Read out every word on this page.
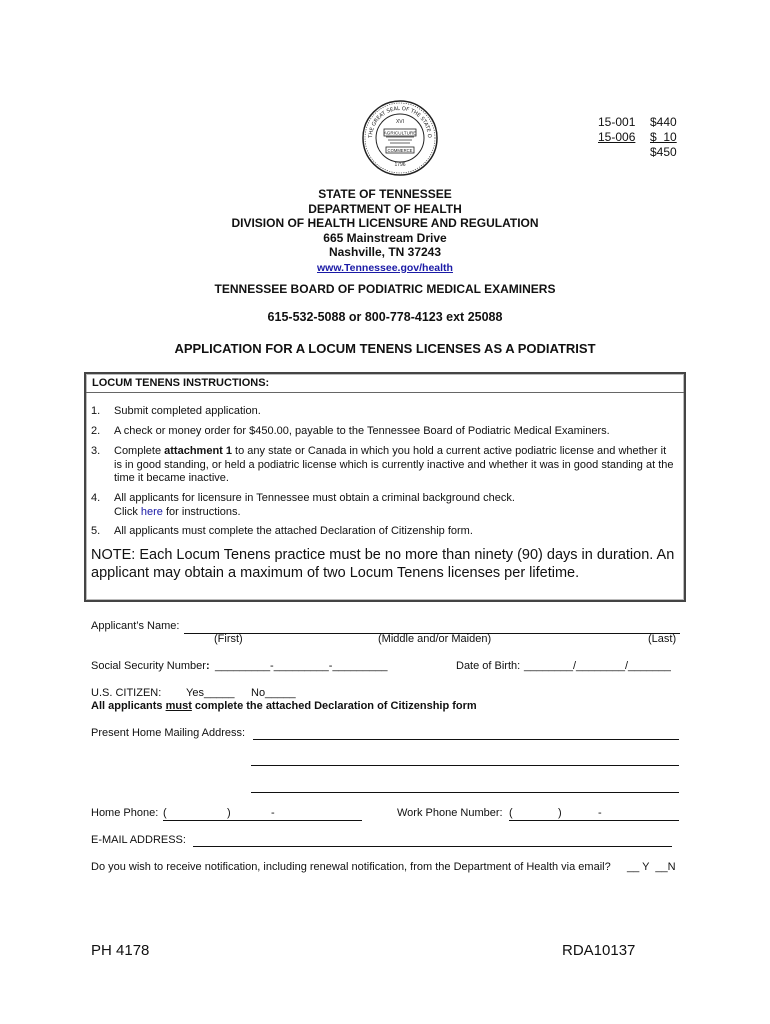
THE GREAT SEAL OF THE STATE O
XVI
AGRICULTURE
COMMERCE
1796
15-001	$440
15-006	$  10
$450
STATE OF TENNESSEE
DEPARTMENT OF HEALTH
DIVISION OF HEALTH LICENSURE AND REGULATION
665 Mainstream Drive
Nashville, TN 37243
www.Tennessee.gov/health
TENNESSEE BOARD OF PODIATRIC MEDICAL EXAMINERS
615-532-5088 or 800-778-4123 ext 25088
APPLICATION FOR A LOCUM TENENS LICENSES AS A PODIATRIST
LOCUM TENENS INSTRUCTIONS:
1.	Submit completed application.
2.	A check or money order for $450.00, payable to the Tennessee Board of Podiatric Medical Examiners.
3.	Complete attachment 1 to any state or Canada in which you hold a current active podiatric license and whether it is in good standing, or held a podiatric license which is currently inactive and whether it was in good standing at the time it became inactive.
4.	All applicants for licensure in Tennessee must obtain a criminal background check.
Click here for instructions.
5.	All applicants must complete the attached Declaration of Citizenship form.
NOTE: Each Locum Tenens practice must be no more than ninety (90) days in duration. An applicant may obtain a maximum of two Locum Tenens licenses per lifetime.
Applicant’s Name:
(First)	(Middle and/or Maiden)	(Last)
Social Security Number: _________-_________-_________	Date of Birth: ________/________/_______
U.S. CITIZEN: Yes_____ No_____
All applicants must complete the attached Declaration of Citizenship form
Present Home Mailing Address:
Home Phone: (	)	-	Work Phone Number: (	)	-
E-MAIL ADDRESS:
Do you wish to receive notification, including renewal notification, from the Department of Health via email? __ Y  __N
PH 4178	RDA10137
